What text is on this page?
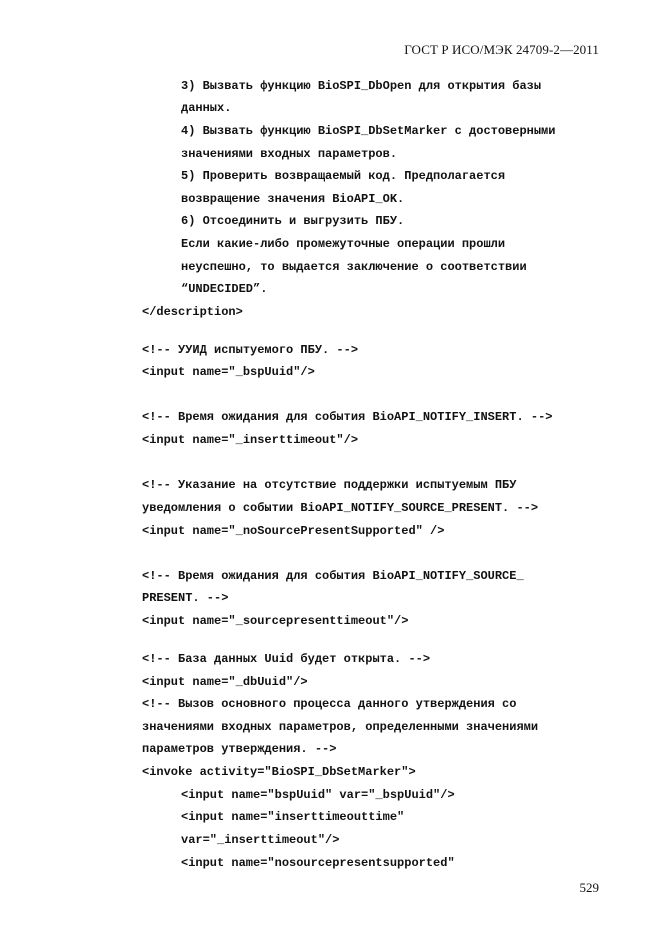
ГОСТ Р ИСО/МЭК 24709-2—2011
3) Вызвать функцию BioSPI_DbOpen для открытия базы
данных.
4) Вызвать функцию BioSPI_DbSetMarker с достоверными
значениями входных параметров.
5) Проверить возвращаемый код. Предполагается
возвращение значения BioAPI_OK.
6) Отсоединить и выгрузить ПБУ.
Если какие-либо промежуточные операции прошли
неуспешно, то выдается заключение о соответствии
“UNDECIDED”.
</description>
<!-- УУИД испытуемого ПБУ. -->
<input name="_bspUuid"/>
<!-- Время ожидания для события BioAPI_NOTIFY_INSERT. -->
<input name="_inserttimeout"/>
<!-- Указание на отсутствие поддержки испытуемым ПБУ
уведомления о событии BioAPI_NOTIFY_SOURCE_PRESENT. -->
<input name="_noSourcePresentSupported" />
<!-- Время ожидания для события BioAPI_NOTIFY_SOURCE_
PRESENT. -->
<input name="_sourcepresenttimeout"/>
<!-- База данных Uuid будет открыта. -->
<input name="_dbUuid"/>
<!-- Вызов основного процесса данного утверждения со
значениями входных параметров, определенными значениями
параметров утверждения. -->
<invoke activity="BioSPI_DbSetMarker">
<input name="bspUuid" var="_bspUuid"/>
<input name="inserttimeouttime"
var="_inserttimeout"/>
<input name="nosourcepresentsupported"
529
